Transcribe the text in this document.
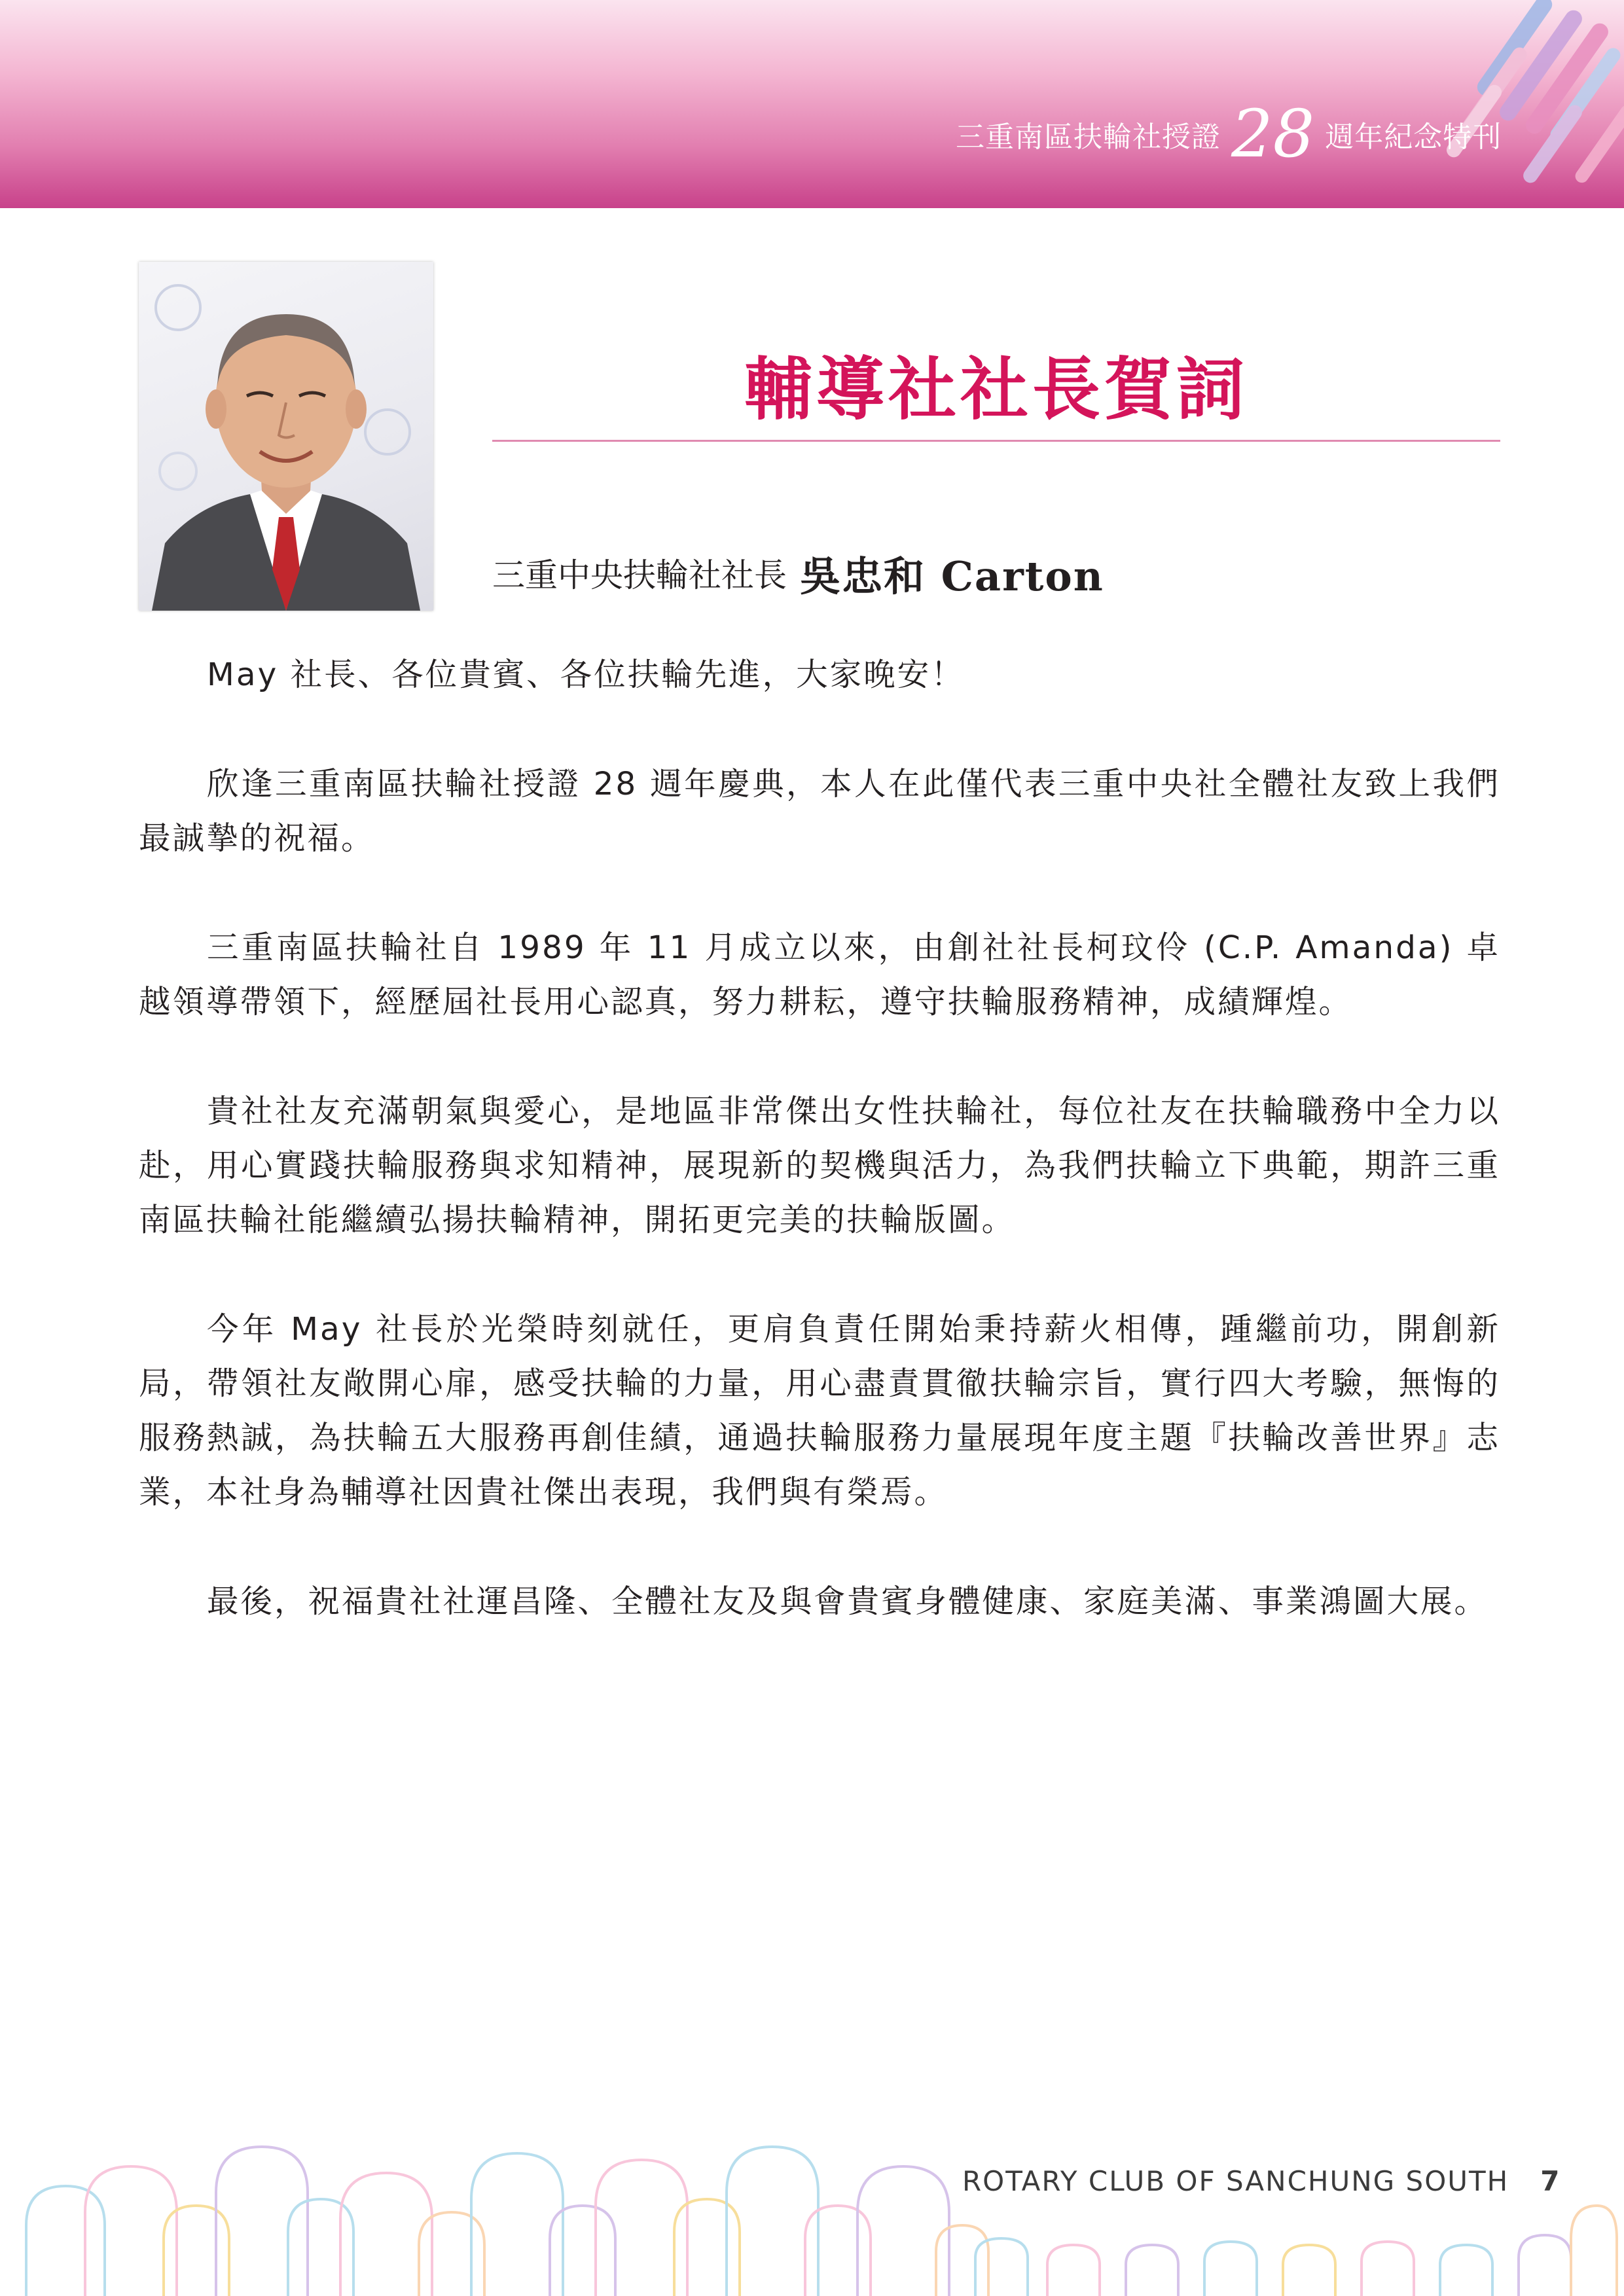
三重南區扶輪社授證 28 週年紀念特刊
輔導社社長賀詞
三重中央扶輪社社長 吳忠和 Carton

May 社長、各位貴賓、各位扶輪先進，大家晚安！

欣逢三重南區扶輪社授證 28 週年慶典，本人在此僅代表三重中央社全體社友致上我們最誠摯的祝福。

三重南區扶輪社自 1989 年 11 月成立以來，由創社社長柯玟伶 (C.P. Amanda) 卓越領導帶領下，經歷屆社長用心認真，努力耕耘，遵守扶輪服務精神，成績輝煌。

貴社社友充滿朝氣與愛心，是地區非常傑出女性扶輪社，每位社友在扶輪職務中全力以赴，用心實踐扶輪服務與求知精神，展現新的契機與活力，為我們扶輪立下典範，期許三重南區扶輪社能繼續弘揚扶輪精神，開拓更完美的扶輪版圖。

今年 May 社長於光榮時刻就任，更肩負責任開始秉持薪火相傳，踵繼前功，開創新局，帶領社友敞開心扉，感受扶輪的力量，用心盡責貫徹扶輪宗旨，實行四大考驗，無悔的服務熱誠，為扶輪五大服務再創佳績，通過扶輪服務力量展現年度主題『扶輪改善世界』志業，本社身為輔導社因貴社傑出表現，我們與有榮焉。

最後，祝福貴社社運昌隆、全體社友及與會貴賓身體健康、家庭美滿、事業鴻圖大展。

ROTARY CLUB OF SANCHUNG SOUTH 7
